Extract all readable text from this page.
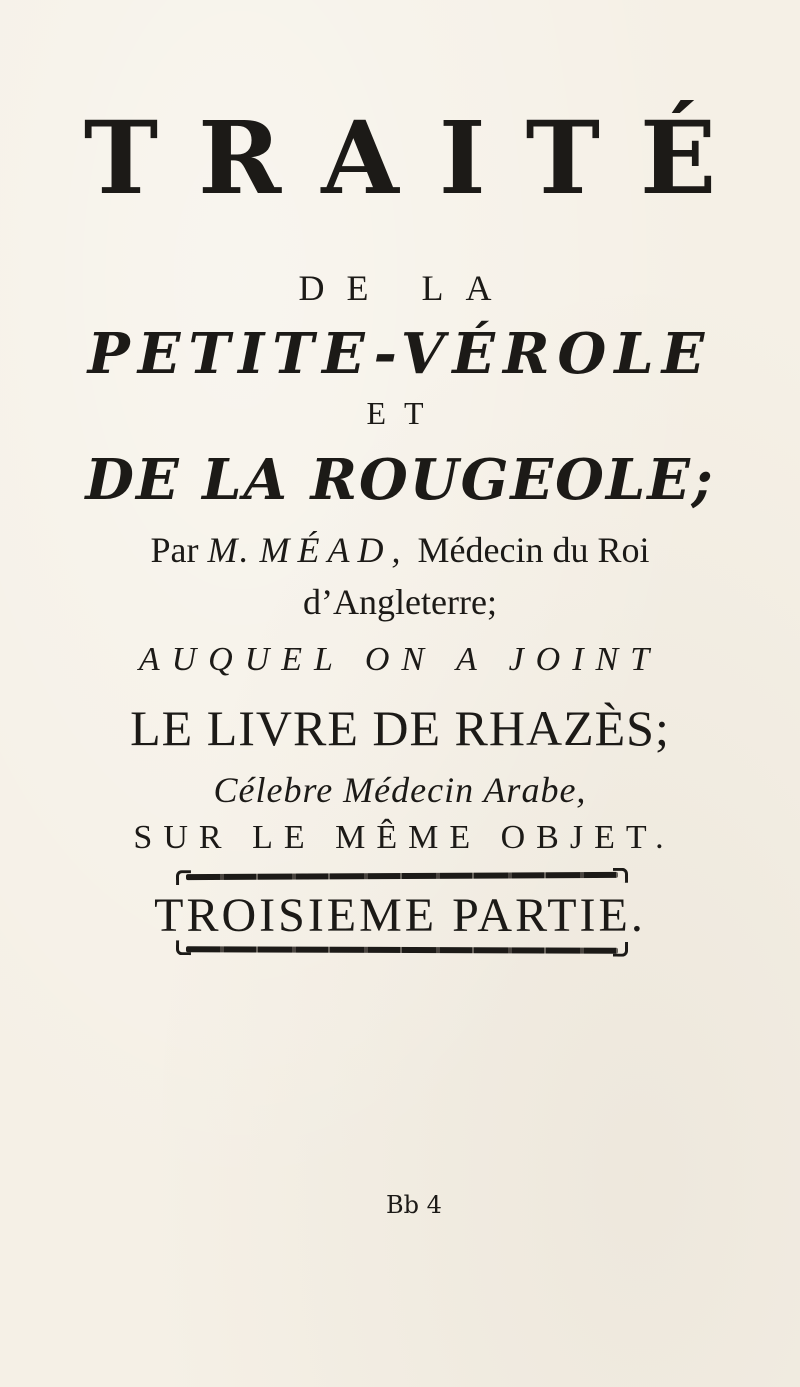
TRAITÉ
DE LA
PETITE-VÉROLE
ET
DE LA ROUGEOLE;
Par M. MÉAD, Médecin du Roi
d’Angleterre;
AUQUEL ON A JOINT
LE LIVRE DE RHAZÈS;
Célebre Médecin Arabe,
SUR LE MÊME OBJET.
TROISIEME PARTIE.
Bb 4
